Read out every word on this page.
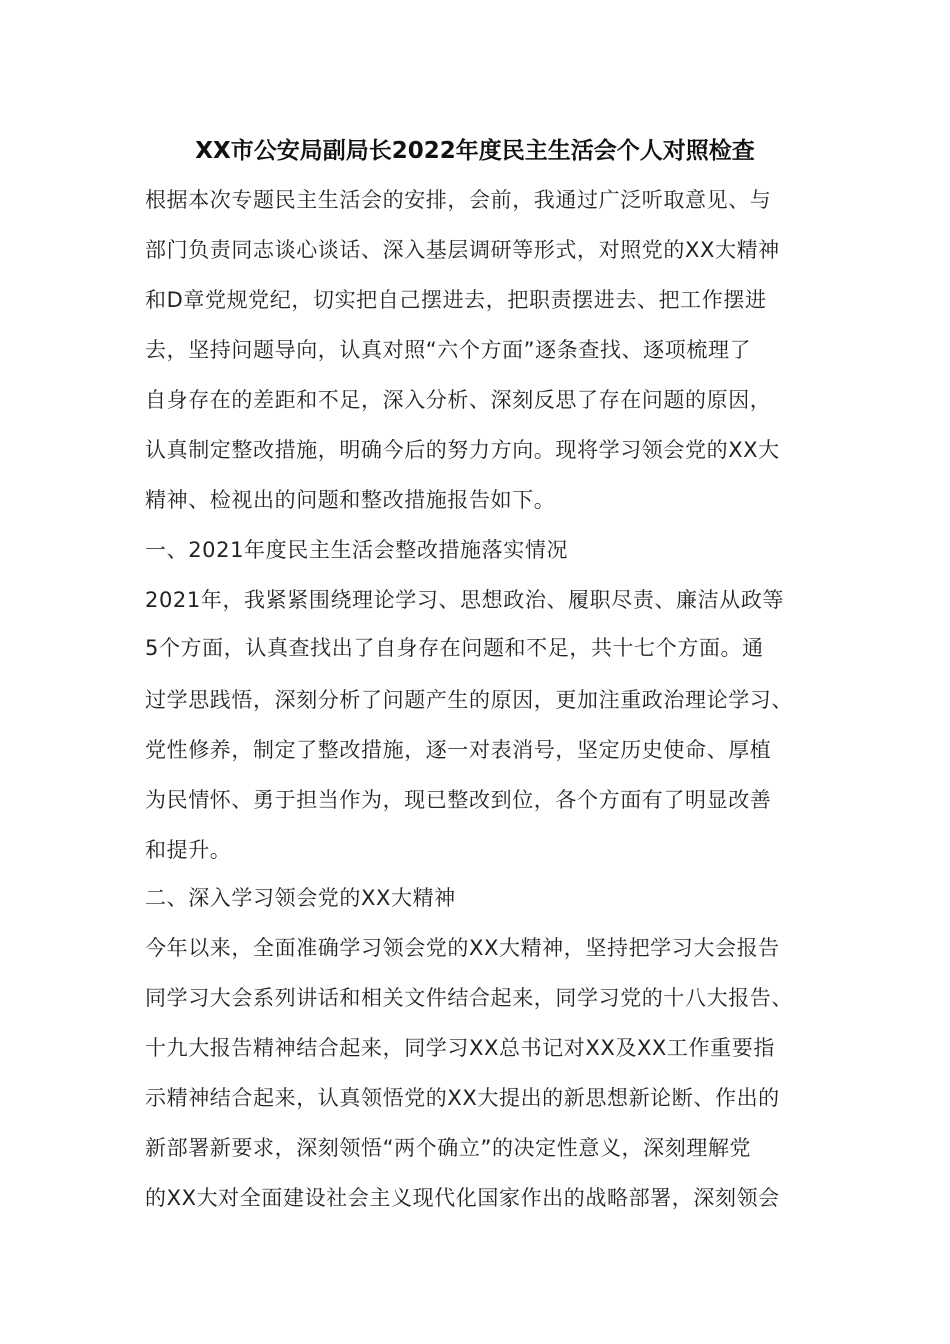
XX市公安局副局长2022年度民主生活会个人对照检查
根据本次专题民主生活会的安排，会前，我通过广泛听取意见、与
部门负责同志谈心谈话、深入基层调研等形式，对照党的XX大精神
和D章党规党纪，切实把自己摆进去，把职责摆进去、把工作摆进
去，坚持问题导向，认真对照“六个方面”逐条查找、逐项梳理了
自身存在的差距和不足，深入分析、深刻反思了存在问题的原因，
认真制定整改措施，明确今后的努力方向。现将学习领会党的XX大
精神、检视出的问题和整改措施报告如下。
一、2021年度民主生活会整改措施落实情况
2021年，我紧紧围绕理论学习、思想政治、履职尽责、廉洁从政等
5个方面，认真查找出了自身存在问题和不足，共十七个方面。通
过学思践悟，深刻分析了问题产生的原因，更加注重政治理论学习、
党性修养，制定了整改措施，逐一对表消号，坚定历史使命、厚植
为民情怀、勇于担当作为，现已整改到位，各个方面有了明显改善
和提升。
二、深入学习领会党的XX大精神
今年以来，全面准确学习领会党的XX大精神，坚持把学习大会报告
同学习大会系列讲话和相关文件结合起来，同学习党的十八大报告、
十九大报告精神结合起来，同学习XX总书记对XX及XX工作重要指
示精神结合起来，认真领悟党的XX大提出的新思想新论断、作出的
新部署新要求，深刻领悟“两个确立”的决定性意义，深刻理解党
的XX大对全面建设社会主义现代化国家作出的战略部署，深刻领会
